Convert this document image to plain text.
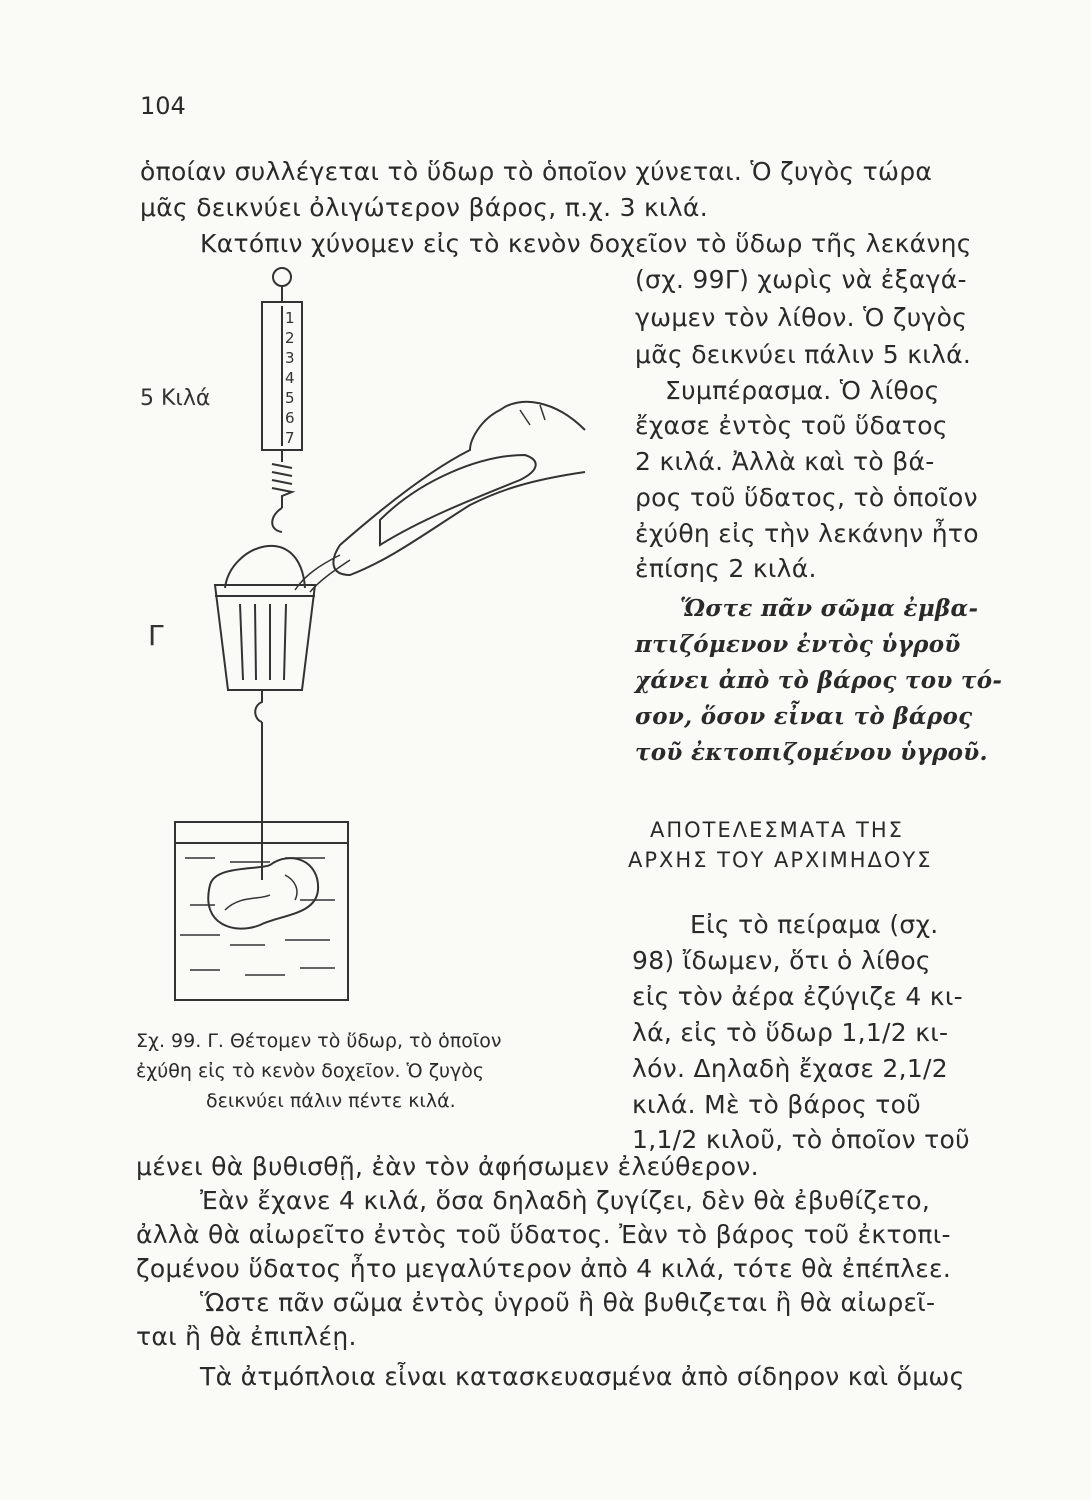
104
ὁποίαν συλλέγεται τὸ ὕδωρ τὸ ὁποῖον χύνεται. Ὁ ζυγὸς τώρα
μᾶς δεικνύει ὀλιγώτερον βάρος, π.χ. 3 κιλά.
Κατόπιν χύνομεν εἰς τὸ κενὸν δοχεῖον τὸ ὕδωρ τῆς λεκάνης
(σχ. 99Γ) χωρὶς νὰ ἐξαγά-
γωμεν τὸν λίθον. Ὁ ζυγὸς
μᾶς δεικνύει πάλιν 5 κιλά.
Συμπέρασμα. Ὁ λίθος
ἔχασε ἐντὸς τοῦ ὕδατος
2 κιλά. Ἀλλὰ καὶ τὸ βά-
ρος τοῦ ὕδατος, τὸ ὁποῖον
ἐχύθη εἰς τὴν λεκάνην ἦτο
ἐπίσης 2 κιλά.
Ὥστε πᾶν σῶμα ἐμβα-
πτιζόμενον ἐντὸς ὑγροῦ
χάνει ἀπὸ τὸ βάρος του τό-
σον, ὅσον εἶναι τὸ βάρος
τοῦ ἐκτοπιζομένου ὑγροῦ.
ΑΠΟΤΕΛΕΣΜΑΤΑ ΤΗΣ
ΑΡΧΗΣ ΤΟΥ ΑΡΧΙΜΗΔΟΥΣ
Εἰς τὸ πείραμα (σχ.
98) ἴδωμεν, ὅτι ὁ λίθος
εἰς τὸν ἀέρα ἐζύγιζε 4 κι-
λά, εἰς τὸ ὕδωρ 1,1/2 κι-
λόν. Δηλαδὴ ἔχασε 2,1/2
κιλά. Μὲ τὸ βάρος τοῦ
1,1/2 κιλοῦ, τὸ ὁποῖον τοῦ
Σχ. 99. Γ. Θέτομεν τὸ ὕδωρ, τὸ ὁποῖον
ἐχύθη εἰς τὸ κενὸν δοχεῖον. Ὁ ζυγὸς
δεικνύει πάλιν πέντε κιλά.
μένει θὰ βυθισθῇ, ἐὰν τὸν ἀφήσωμεν ἐλεύθερον.
Ἐὰν ἔχανε 4 κιλά, ὅσα δηλαδὴ ζυγίζει, δὲν θὰ ἐβυθίζετο,
ἀλλὰ θὰ αἰωρεῖτο ἐντὸς τοῦ ὕδατος. Ἐὰν τὸ βάρος τοῦ ἐκτοπι-
ζομένου ὕδατος ἦτο μεγαλύτερον ἀπὸ 4 κιλά, τότε θὰ ἐπέπλεε.
Ὥστε πᾶν σῶμα ἐντὸς ὑγροῦ ἢ θὰ βυθιζεται ἢ θὰ αἰωρεῖ-
ται ἢ θὰ ἐπιπλέῃ.
Τὰ ἀτμόπλοια εἶναι κατασκευασμένα ἀπὸ σίδηρον καὶ ὅμως
1
2
3
4
5
6
7
5 Κιλά
Γ
